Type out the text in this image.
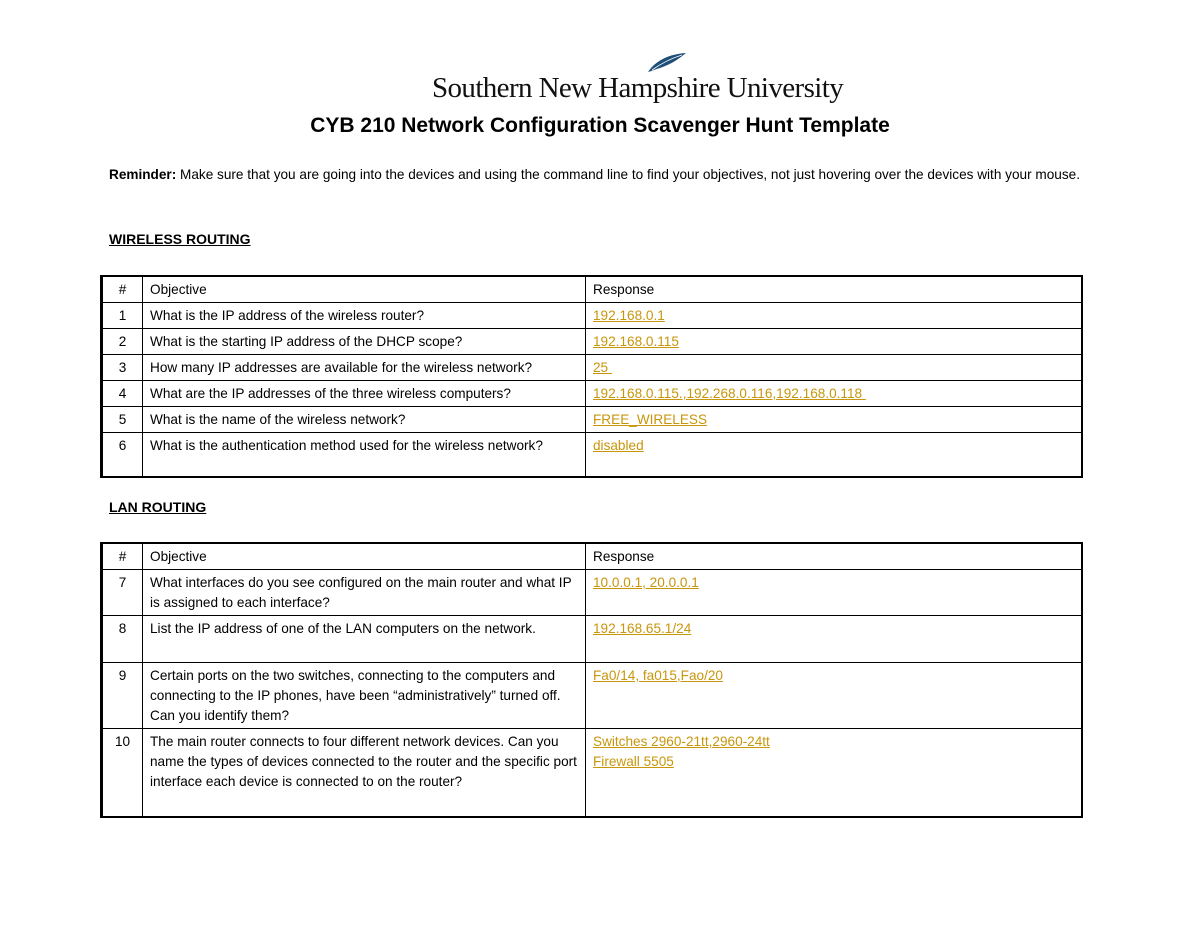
Southern New Hampshire University
CYB 210 Network Configuration Scavenger Hunt Template
Reminder: Make sure that you are going into the devices and using the command line to find your objectives, not just hovering over the devices with your mouse.
WIRELESS ROUTING
#	Objective	Response
1	What is the IP address of the wireless router?	192.168.0.1

2	What is the starting IP address of the DHCP scope?	192.168.0.115

3	How many IP addresses are available for the wireless network?	25

4	What are the IP addresses of the three wireless computers?	192.168.0.115.,192.268.0.116,192.168.0.118

5	What is the name of the wireless network?	FREE_WIRELESS

6	What is the authentication method used for the wireless network?	disabled
LAN ROUTING
#	Objective	Response
7	What interfaces do you see configured on the main router and what IP is assigned to each interface?	10.0.0.1, 20.0.0.1

8	List the IP address of one of the LAN computers on the network.	192.168.65.1/24

9	Certain ports on the two switches, connecting to the computers and connecting to the IP phones, have been “administratively” turned off. Can you identify them?	Fa0/14, fa015,Fao/20

10	The main router connects to four different network devices. Can you name the types of devices connected to the router and the specific port interface each device is connected to on the router?	Switches 2960-21tt,2960-24tt
Firewall 5505
